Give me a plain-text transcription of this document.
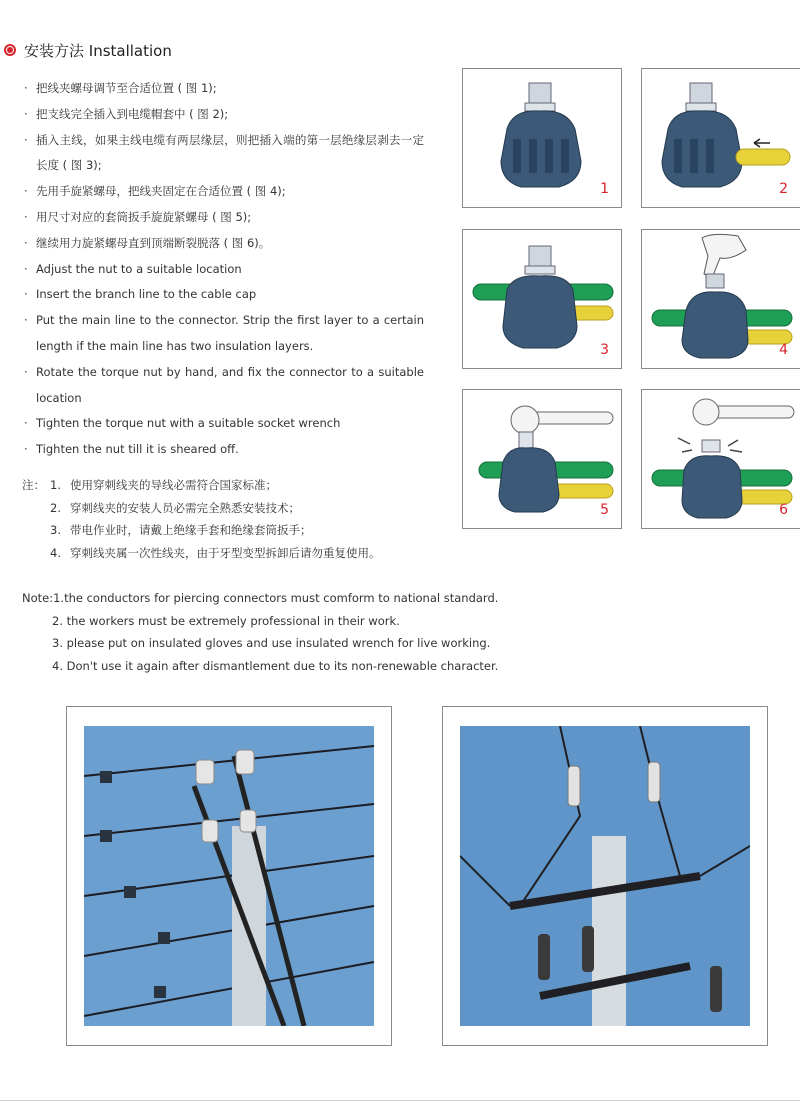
安装方法 Installation
· 把线夹螺母调节至合适位置 ( 图 1);
· 把支线完全插入到电缆帽套中 ( 图 2);
· 插入主线，如果主线电缆有两层缘层，则把插入端的第一层绝缘层剥去一定长度 ( 图 3);
· 先用手旋紧螺母，把线夹固定在合适位置 ( 图 4);
· 用尺寸对应的套筒扳手旋旋紧螺母 ( 图 5);
· 继续用力旋紧螺母直到顶端断裂脱落 ( 图 6)。
· Adjust the nut to a suitable location
· Insert the branch line to the cable cap
· Put the main line to the connector. Strip the first layer to a certain length if the main line has two insulation layers.
· Rotate the torque nut by hand, and fix the connector to a suitable location
· Tighten the torque nut with a suitable socket wrench
· Tighten the nut till it is sheared off.
注： 1. 使用穿刺线夹的导线必需符合国家标准；
2. 穿刺线夹的安装人员必需完全熟悉安装技术；
3. 带电作业时，请戴上绝缘手套和绝缘套筒扳手；
4. 穿刺线夹属一次性线夹，由于牙型变型拆卸后请勿重复使用。
Note:1.the conductors for piercing connectors must comform to national standard.
2. the workers must be extremely professional in their work.
3. please put on insulated gloves and use insulated wrench for live working.
4. Don't use it again after dismantlement due to its non-renewable character.
1	2
3	4
5	6
